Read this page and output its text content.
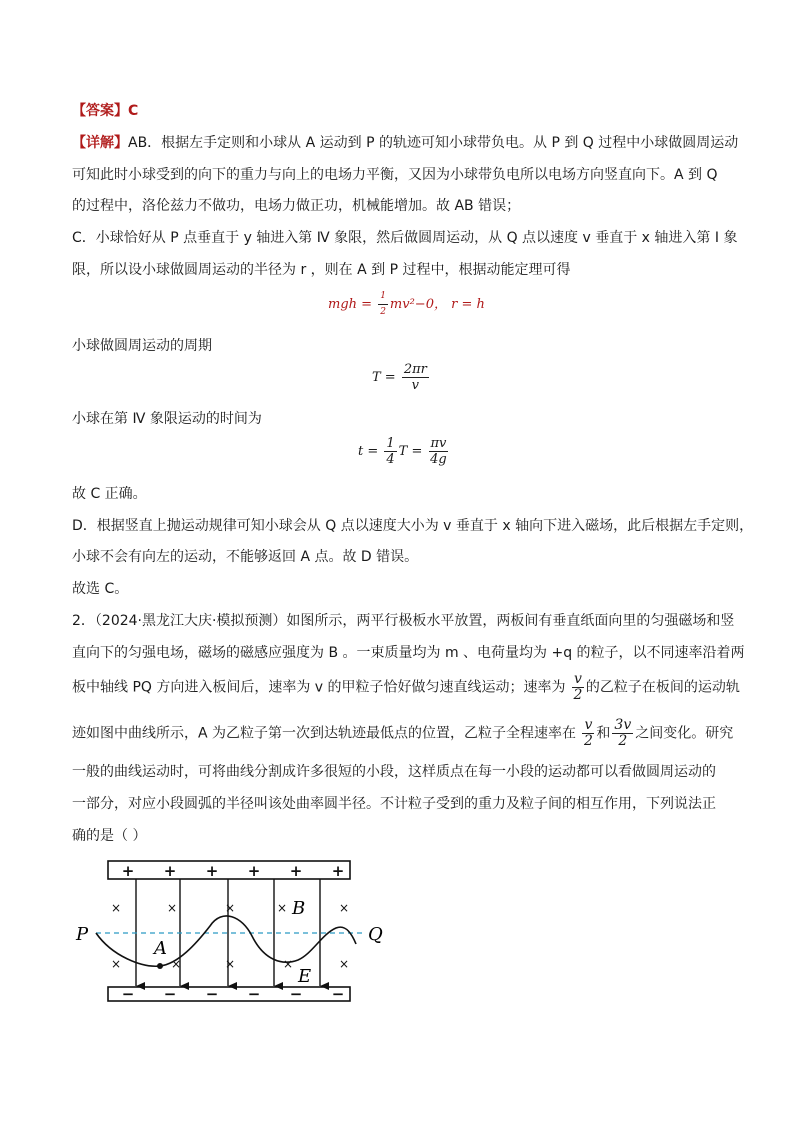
【答案】C
【详解】AB．根据左手定则和小球从 A 运动到 P 的轨迹可知小球带负电。从 P 到 Q 过程中小球做圆周运动
可知此时小球受到的向下的重力与向上的电场力平衡，又因为小球带负电所以电场方向竖直向下。A 到 Q
的过程中，洛伦兹力不做功，电场力做正功，机械能增加。故 AB 错误；
C．小球恰好从 P 点垂直于 y 轴进入第 Ⅳ 象限，然后做圆周运动，从 Q 点以速度 v 垂直于 x 轴进入第 Ⅰ 象
限，所以设小球做圆周运动的半径为 r ，则在 A 到 P 过程中，根据动能定理可得
mgh = $\frac{1}{2} mv^2-0$， r = h
小球做圆周运动的周期
$T = \frac{2\pi r}{v}$
小球在第 Ⅳ 象限运动的时间为
$t = \frac{1}{4}$ $T = \frac{\pi v}{4g}$
故 C 正确。
D．根据竖直上抛运动规律可知小球会从 Q 点以速度大小为 v 垂直于 x 轴向下进入磁场，此后根据左手定则，
小球不会有向左的运动，不能够返回 A 点。故 D 错误。
故选 C。
2．（2024·黑龙江大庆·模拟预测）如图所示，两平行极板水平放置，两板间有垂直纸面向里的匀强磁场和竖
直向下的匀强电场，磁场的磁感应强度为 B 。一束质量均为 m 、电荷量均为 +q 的粒子，以不同速率沿着两
板中轴线 PQ 方向进入板间后，速率为 v 的甲粒子恰好做匀速直线运动；速率为 $\frac{v}{2}$ 的乙粒子在板间的运动轨
迹如图中曲线所示，A 为乙粒子第一次到达轨迹最低点的位置，乙粒子全程速率在 $\frac{v}{2}$ 和 $\frac{3v}{2}$ 之间变化。研究
一般的曲线运动时，可将曲线分割成许多很短的小段，这样质点在每一小段的运动都可以看做圆周运动的
一部分，对应小段圆弧的半径叫该处曲率圆半径。不计粒子受到的重力及粒子间的相互作用，下列说法正
确的是（ ）
+ + + + + +
− − − − − −
×	×	×	×	×
×	×	×	×	×
P	Q
A
B
E
